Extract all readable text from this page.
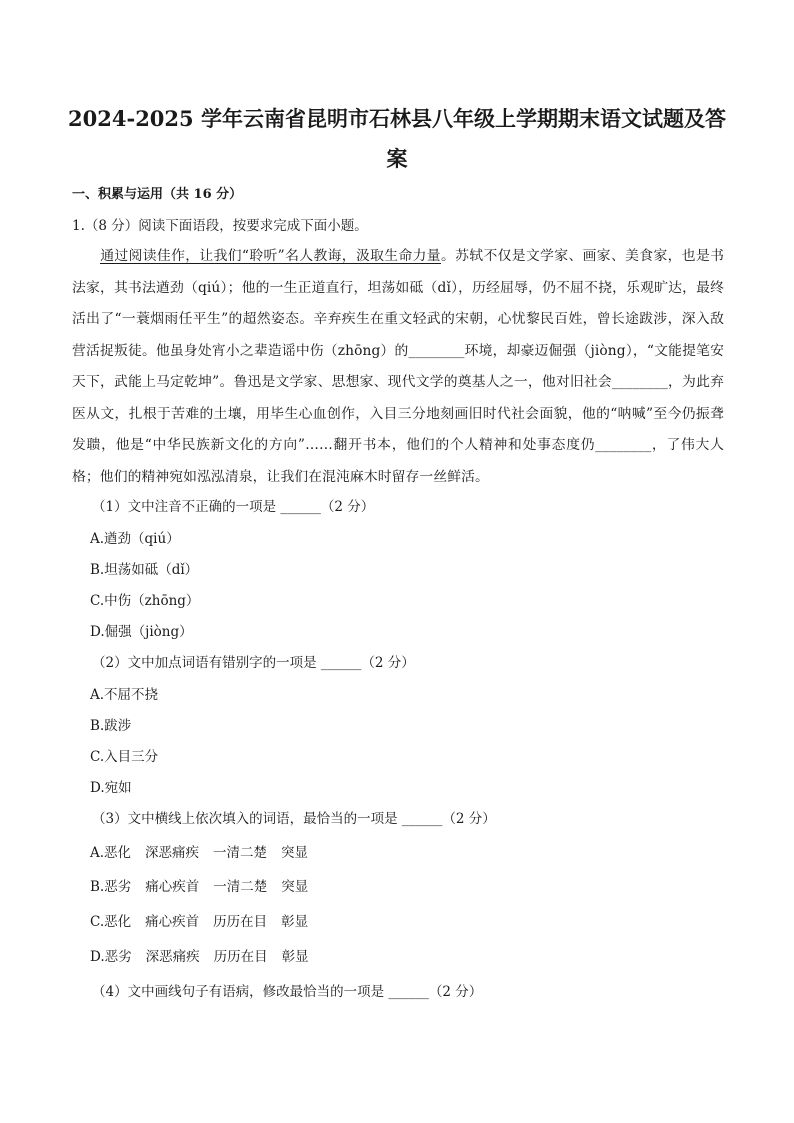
2024-2025 学年云南省昆明市石林县八年级上学期期末语文试题及答
案
一、积累与运用（共 16 分）
1.（8 分）阅读下面语段，按要求完成下面小题。
通过阅读佳作，让我们“聆听”名人教诲，汲取生命力量。苏轼不仅是文学家、画家、美食家，也是书法家，其书法遒劲（qiú）；他的一生正道直行，坦荡如砥（dǐ），历经屈辱，仍不屈不挠，乐观旷达，最终活出了“一蓑烟雨任平生”的超然姿态。辛弃疾生在重文轻武的宋朝，心忧黎民百姓，曾长途跋涉，深入敌营活捉叛徒。他虽身处宵小之辈造谣中伤（zhōng）的________环境，却豪迈倔强（jiòng），“文能提笔安天下，武能上马定乾坤”。鲁迅是文学家、思想家、现代文学的奠基人之一，他对旧社会________，为此弃医从文，扎根于苦难的土壤，用毕生心血创作，入目三分地刻画旧时代社会面貌，他的“呐喊”至今仍振聋发聩，他是“中华民族新文化的方向”……翻开书本，他们的个人精神和处事态度仍________，了伟大人格；他们的精神宛如泓泓清泉，让我们在混沌麻木时留存一丝鲜活。
（1）文中注音不正确的一项是 ______（2 分）
A.遒劲（qiú）
B.坦荡如砥（dǐ）
C.中伤（zhōng）
D.倔强（jiòng）
（2）文中加点词语有错别字的一项是 ______（2 分）
A.不屈不挠
B.跋涉
C.入目三分
D.宛如
（3）文中横线上依次填入的词语，最恰当的一项是 ______（2 分）
A.恶化 深恶痛疾 一清二楚 突显
B.恶劣 痛心疾首 一清二楚 突显
C.恶化 痛心疾首 历历在目 彰显
D.恶劣 深恶痛疾 历历在目 彰显
（4）文中画线句子有语病，修改最恰当的一项是 ______（2 分）
